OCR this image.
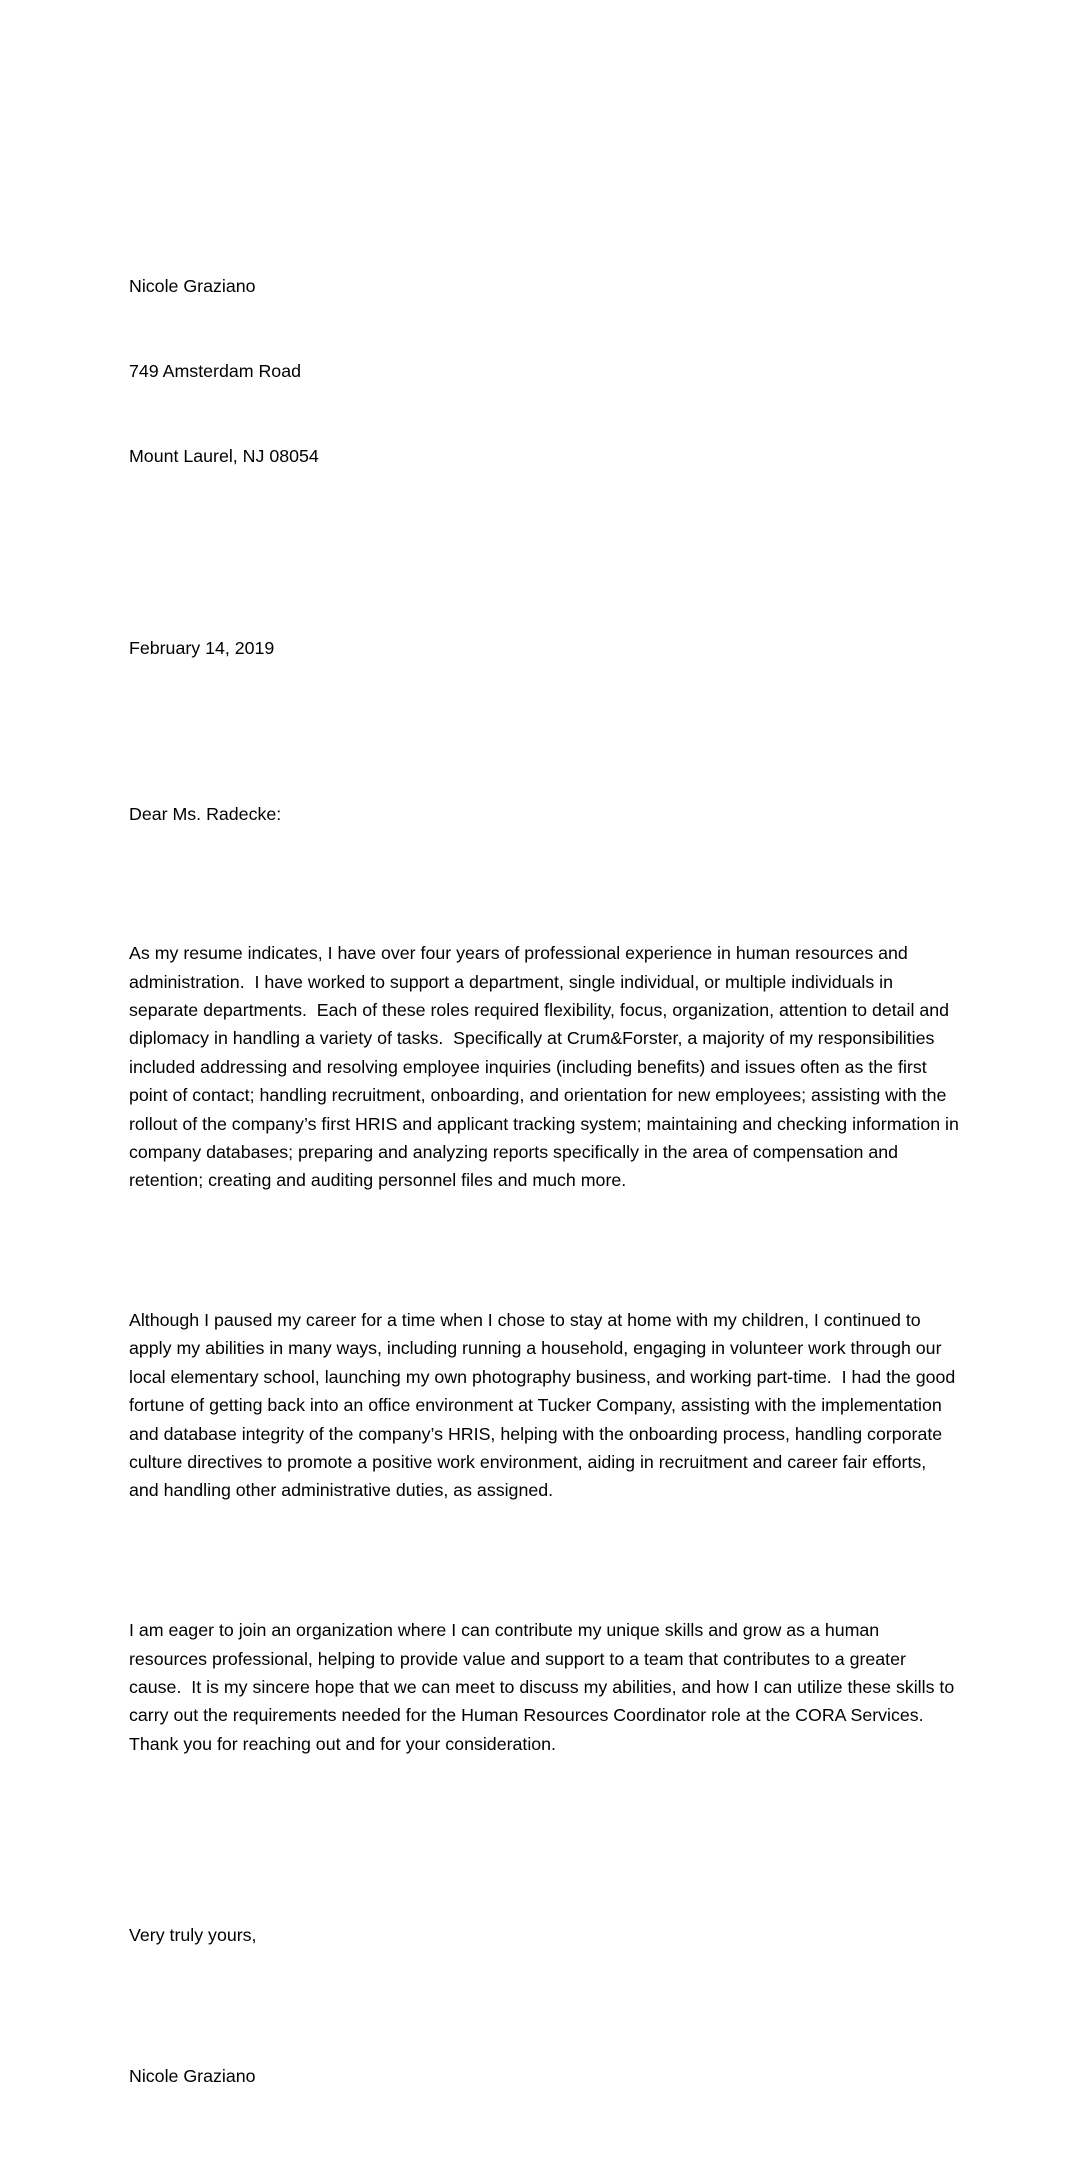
Nicole Graziano

749 Amsterdam Road

Mount Laurel, NJ 08054

February 14, 2019

Dear Ms. Radecke:

As my resume indicates, I have over four years of professional experience in human resources and administration.  I have worked to support a department, single individual, or multiple individuals in separate departments.  Each of these roles required flexibility, focus, organization, attention to detail and diplomacy in handling a variety of tasks.  Specifically at Crum&Forster, a majority of my responsibilities included addressing and resolving employee inquiries (including benefits) and issues often as the first point of contact; handling recruitment, onboarding, and orientation for new employees; assisting with the rollout of the company’s first HRIS and applicant tracking system; maintaining and checking information in company databases; preparing and analyzing reports specifically in the area of compensation and retention; creating and auditing personnel files and much more.

Although I paused my career for a time when I chose to stay at home with my children, I continued to apply my abilities in many ways, including running a household, engaging in volunteer work through our local elementary school, launching my own photography business, and working part-time.  I had the good fortune of getting back into an office environment at Tucker Company, assisting with the implementation and database integrity of the company’s HRIS, helping with the onboarding process, handling corporate culture directives to promote a positive work environment, aiding in recruitment and career fair efforts, and handling other administrative duties, as assigned.

I am eager to join an organization where I can contribute my unique skills and grow as a human resources professional, helping to provide value and support to a team that contributes to a greater cause.  It is my sincere hope that we can meet to discuss my abilities, and how I can utilize these skills to carry out the requirements needed for the Human Resources Coordinator role at the CORA Services.  Thank you for reaching out and for your consideration.

Very truly yours,

Nicole Graziano
